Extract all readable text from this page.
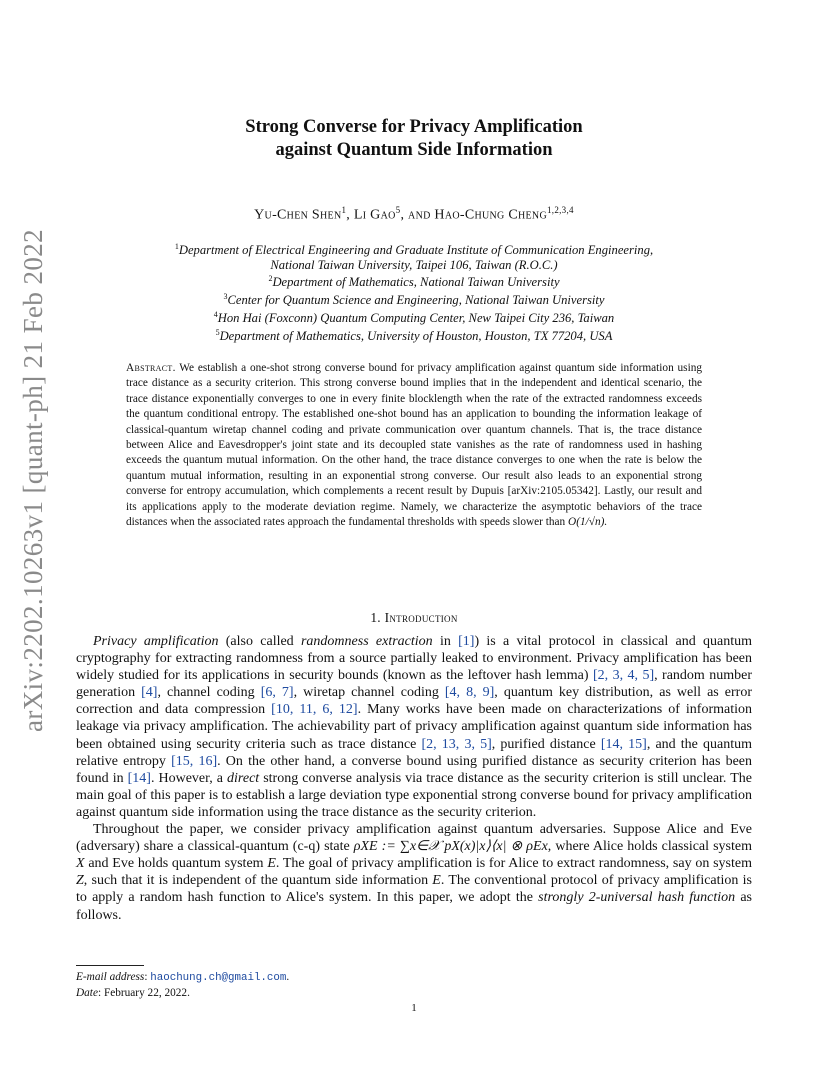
arXiv:2202.10263v1 [quant-ph] 21 Feb 2022
Strong Converse for Privacy Amplification
against Quantum Side Information
Yu-Chen Shen$^1$, Li Gao$^5$, and Hao-Chung Cheng$^{1,2,3,4}$
$^1$Department of Electrical Engineering and Graduate Institute of Communication Engineering,
National Taiwan University, Taipei 106, Taiwan (R.O.C.)
$^2$Department of Mathematics, National Taiwan University
$^3$Center for Quantum Science and Engineering, National Taiwan University
$^4$Hon Hai (Foxconn) Quantum Computing Center, New Taipei City 236, Taiwan
$^5$Department of Mathematics, University of Houston, Houston, TX 77204, USA
Abstract. We establish a one-shot strong converse bound for privacy amplification against quantum side information using trace distance as a security criterion. This strong converse bound implies that in the independent and identical scenario, the trace distance exponentially converges to one in every finite blocklength when the rate of the extracted randomness exceeds the quantum conditional entropy. The established one-shot bound has an application to bounding the information leakage of classical-quantum wiretap channel coding and private communication over quantum channels. That is, the trace distance between Alice and Eavesdropper's joint state and its decoupled state vanishes as the rate of randomness used in hashing exceeds the quantum mutual information. On the other hand, the trace distance converges to one when the rate is below the quantum mutual information, resulting in an exponential strong converse. Our result also leads to an exponential strong converse for entropy accumulation, which complements a recent result by Dupuis [arXiv:2105.05342]. Lastly, our result and its applications apply to the moderate deviation regime. Namely, we characterize the asymptotic behaviors of the trace distances when the associated rates approach the fundamental thresholds with speeds slower than O(1/√n).
1. Introduction

Privacy amplification (also called randomness extraction in [1]) is a vital protocol in classical and quantum cryptography for extracting randomness from a source partially leaked to environment. Privacy amplification has been widely studied for its applications in security bounds (known as the leftover hash lemma) [2, 3, 4, 5], random number generation [4], channel coding [6, 7], wiretap channel coding [4, 8, 9], quantum key distribution, as well as error correction and data compression [10, 11, 6, 12]. Many works have been made on characterizations of information leakage via privacy amplification. The achievability part of privacy amplification against quantum side information has been obtained using security criteria such as trace distance [2, 13, 3, 5], purified distance [14, 15], and the quantum relative entropy [15, 16]. On the other hand, a converse bound using purified distance as security criterion has been found in [14]. However, a direct strong converse analysis via trace distance as the security criterion is still unclear. The main goal of this paper is to establish a large deviation type exponential strong converse bound for privacy amplification against quantum side information using the trace distance as the security criterion.

Throughout the paper, we consider privacy amplification against quantum adversaries. Suppose Alice and Eve (adversary) share a classical-quantum (c-q) state ρXE := ∑x∈𝒳 pX(x)|x⟩⟨x| ⊗ ρEx, where Alice holds classical system X and Eve holds quantum system E. The goal of privacy amplification is for Alice to extract randomness, say on system Z, such that it is independent of the quantum side information E. The conventional protocol of privacy amplification is to apply a random hash function to Alice's system. In this paper, we adopt the strongly 2-universal hash function as follows.

E-mail address: haochung.ch@gmail.com.
Date: February 22, 2022.
1
